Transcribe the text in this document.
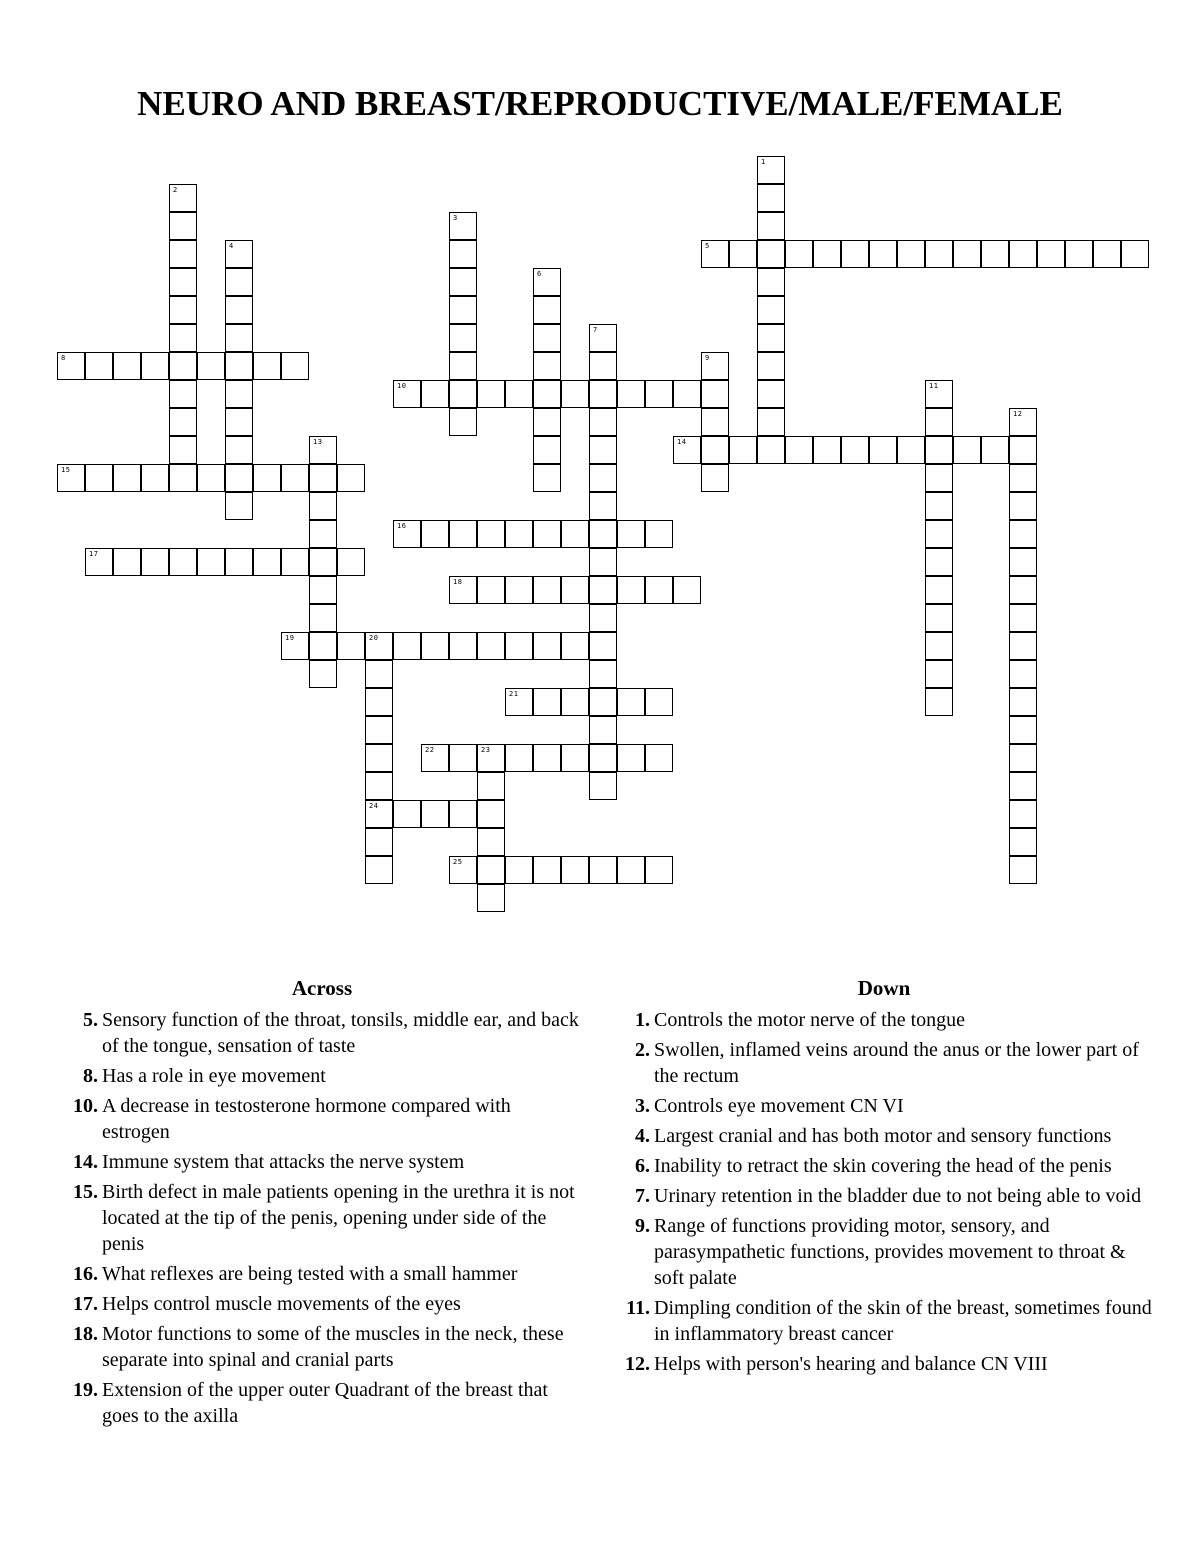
NEURO AND BREAST/REPRODUCTIVE/MALE/FEMALE
1
2
3
4	5
6
7
8	9
10	11
12
13	14
15
16
17
18
19	20
24
21
22	23
25
Across
5. Sensory function of the throat, tonsils, middle ear, and back of the tongue, sensation of taste
8. Has a role in eye movement
10. A decrease in testosterone hormone compared with estrogen
14. Immune system that attacks the nerve system
15. Birth defect in male patients opening in the urethra it is not located at the tip of the penis, opening under side of the penis
16. What reflexes are being tested with a small hammer
17. Helps control muscle movements of the eyes
18. Motor functions to some of the muscles in the neck, these separate into spinal and cranial parts
19. Extension of the upper outer Quadrant of the breast that goes to the axilla
Down
1. Controls the motor nerve of the tongue
2. Swollen, inflamed veins around the anus or the lower part of the rectum
3. Controls eye movement CN VI
4. Largest cranial and has both motor and sensory functions
6. Inability to retract the skin covering the head of the penis
7. Urinary retention in the bladder due to not being able to void
9. Range of functions providing motor, sensory, and parasympathetic functions, provides movement to throat & soft palate
11. Dimpling condition of the skin of the breast, sometimes found in inflammatory breast cancer
12. Helps with person's hearing and balance CN VIII
